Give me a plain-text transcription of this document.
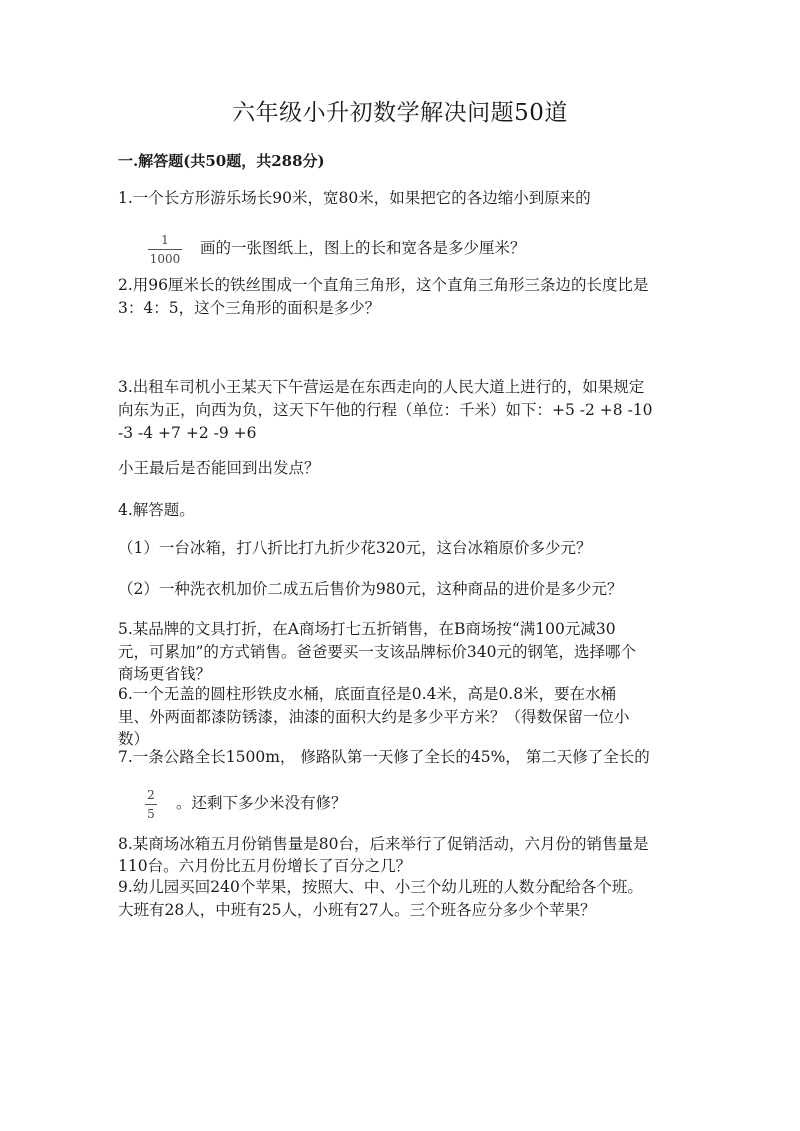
六年级小升初数学解决问题50道
一.解答题(共50题，共288分)
1.一个长方形游乐场长90米，宽80米，如果把它的各边缩小到原来的
1
1000
画的一张图纸上，图上的长和宽各是多少厘米？
2.用96厘米长的铁丝围成一个直角三角形，这个直角三角形三条边的长度比是
3：4：5，这个三角形的面积是多少？
3.出租车司机小王某天下午营运是在东西走向的人民大道上进行的，如果规定
向东为正，向西为负，这天下午他的行程（单位：千米）如下：+5 -2 +8 -10
-3 -4 +7 +2 -9 +6
小王最后是否能回到出发点？
4.解答题。
（1）一台冰箱，打八折比打九折少花320元，这台冰箱原价多少元？
（2）一种洗衣机加价二成五后售价为980元，这种商品的进价是多少元？
5.某品牌的文具打折，在A商场打七五折销售，在B商场按“满100元减30
元，可累加”的方式销售。爸爸要买一支该品牌标价340元的钢笔，选择哪个
商场更省钱？
6.一个无盖的圆柱形铁皮水桶，底面直径是0.4米，高是0.8米，要在水桶
里、外两面都漆防锈漆，油漆的面积大约是多少平方米？（得数保留一位小
数）
7.一条公路全长1500m， 修路队第一天修了全长的45%， 第二天修了全长的
2
5
。还剩下多少米没有修？
8.某商场冰箱五月份销售量是80台，后来举行了促销活动，六月份的销售量是
110台。六月份比五月份增长了百分之几？
9.幼儿园买回240个苹果，按照大、中、小三个幼儿班的人数分配给各个班。
大班有28人，中班有25人，小班有27人。三个班各应分多少个苹果？
